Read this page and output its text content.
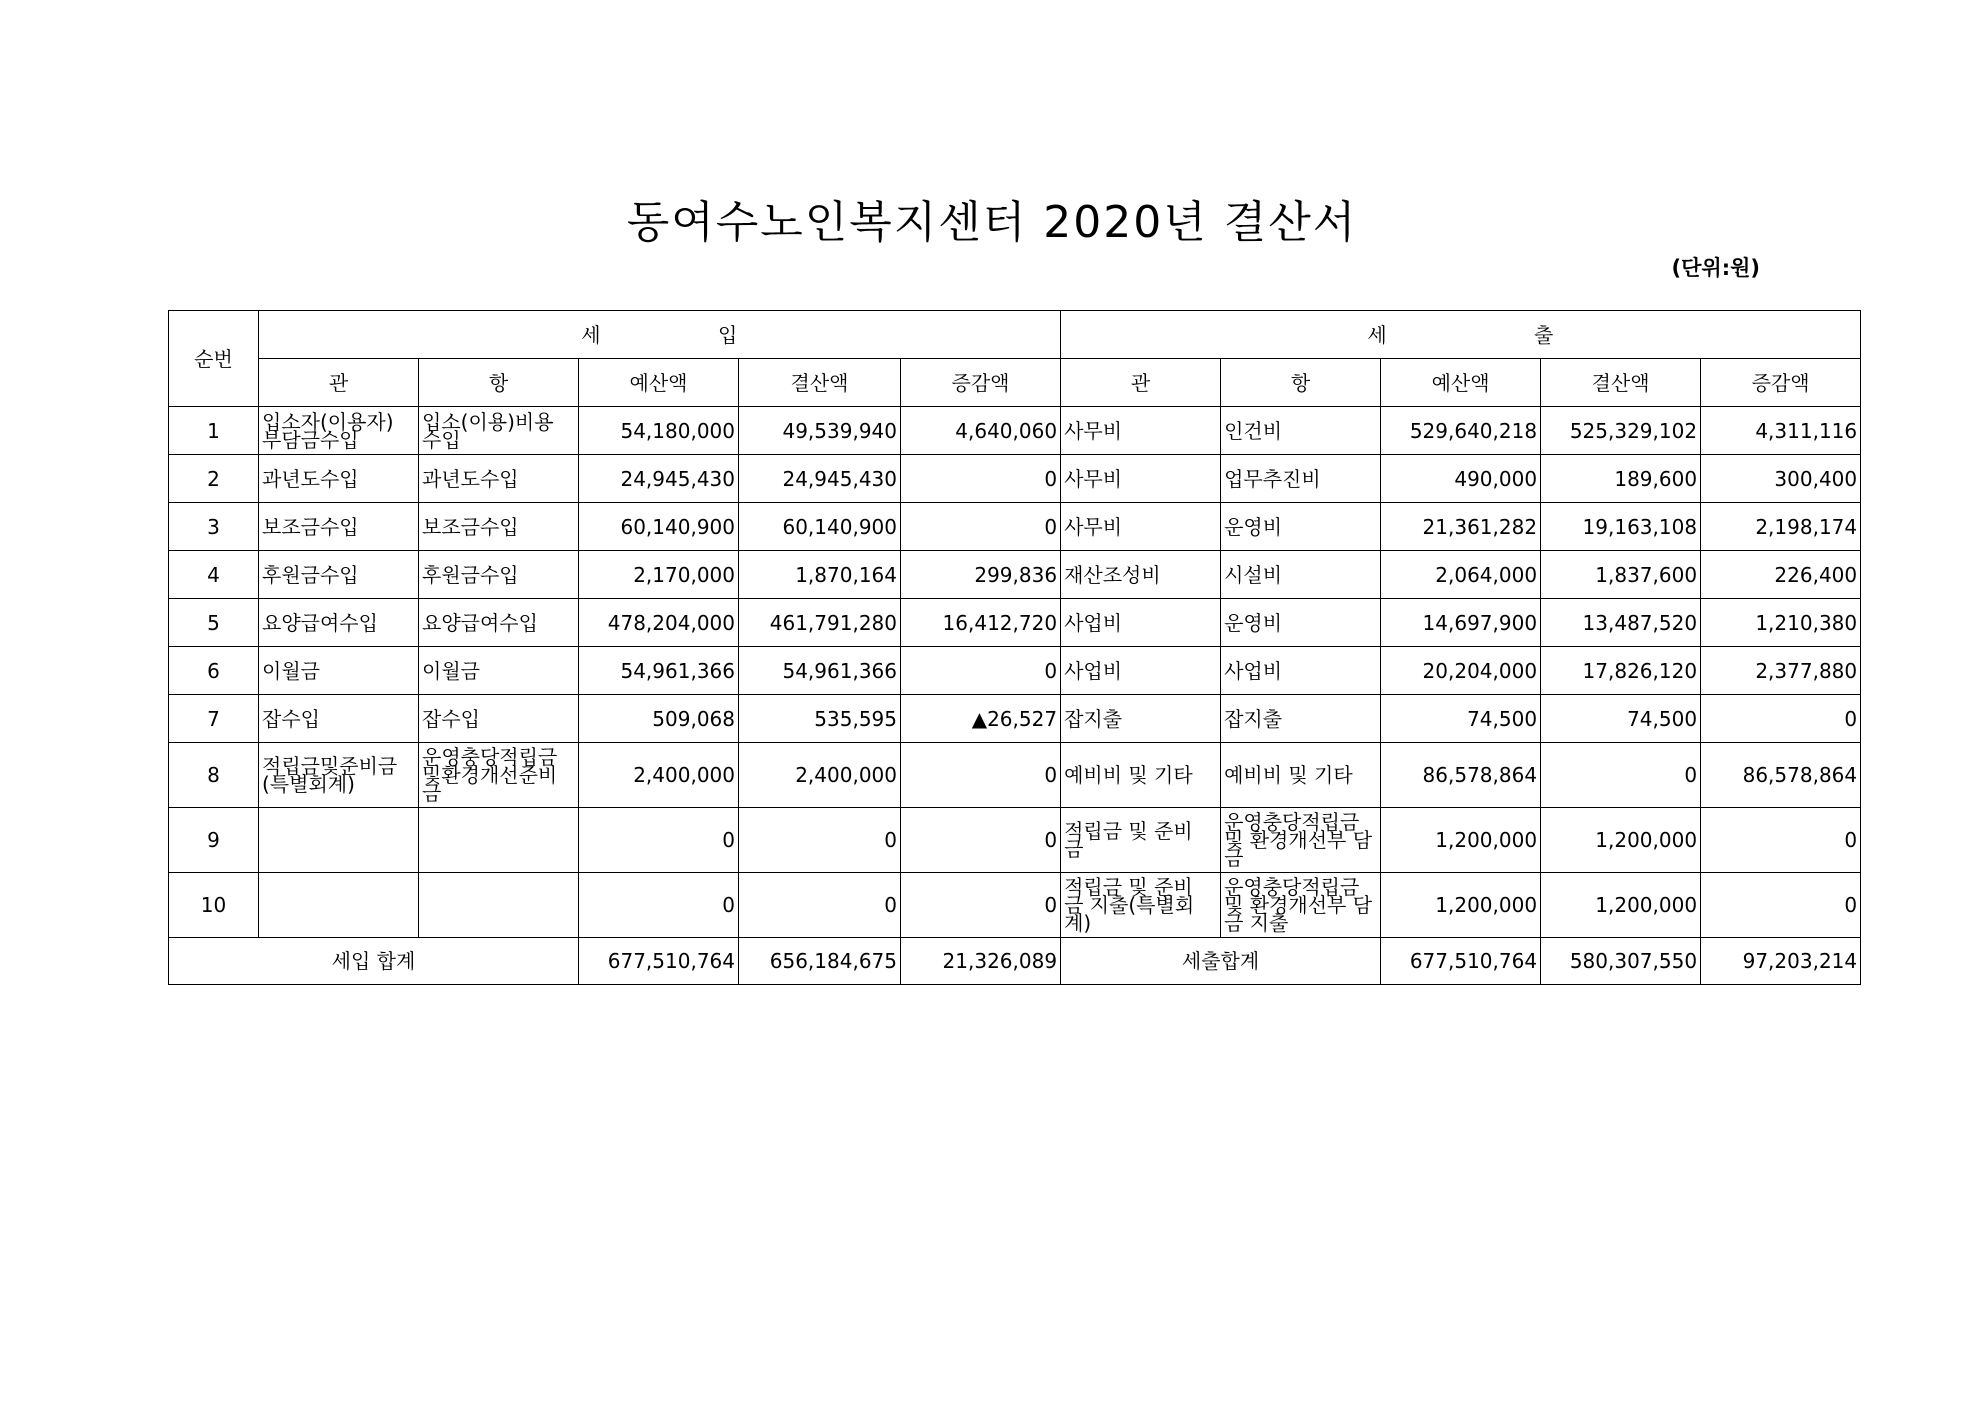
동여수노인복지센터 2020년 결산서
(단위:원)
순번	세 입					세 출				
	관	항	예산액	결산액	증감액	관	항	예산액	결산액	증감액
1	입소자(이용자) 부담금수입	입소(이용)비용 수입	54,180,000	49,539,940	4,640,060	사무비	인건비	529,640,218	525,329,102	4,311,116
2	과년도수입	과년도수입	24,945,430	24,945,430	0	사무비	업무추진비	490,000	189,600	300,400
3	보조금수입	보조금수입	60,140,900	60,140,900	0	사무비	운영비	21,361,282	19,163,108	2,198,174
4	후원금수입	후원금수입	2,170,000	1,870,164	299,836	재산조성비	시설비	2,064,000	1,837,600	226,400
5	요양급여수입	요양급여수입	478,204,000	461,791,280	16,412,720	사업비	운영비	14,697,900	13,487,520	1,210,380
6	이월금	이월금	54,961,366	54,961,366	0	사업비	사업비	20,204,000	17,826,120	2,377,880
7	잡수입	잡수입	509,068	535,595	▲26,527	잡지출	잡지출	74,500	74,500	0
8	적립금및준비금 (특별회계)	운영충당적립금 및환경개선준비 금	2,400,000	2,400,000	0	예비비 및 기타	예비비 및 기타	86,578,864	0	86,578,864
9			0	0	0	적립금 및 준비 금	운영충당적립금 및 환경개선부 담금	1,200,000	1,200,000	0
10			0	0	0	적립금 및 준비 금 지출(특별회 계)	운영충당적립금 및 환경개선부 담금 지출	1,200,000	1,200,000	0
세입 합계			677,510,764	656,184,675	21,326,089	세출합계		677,510,764	580,307,550	97,203,214
